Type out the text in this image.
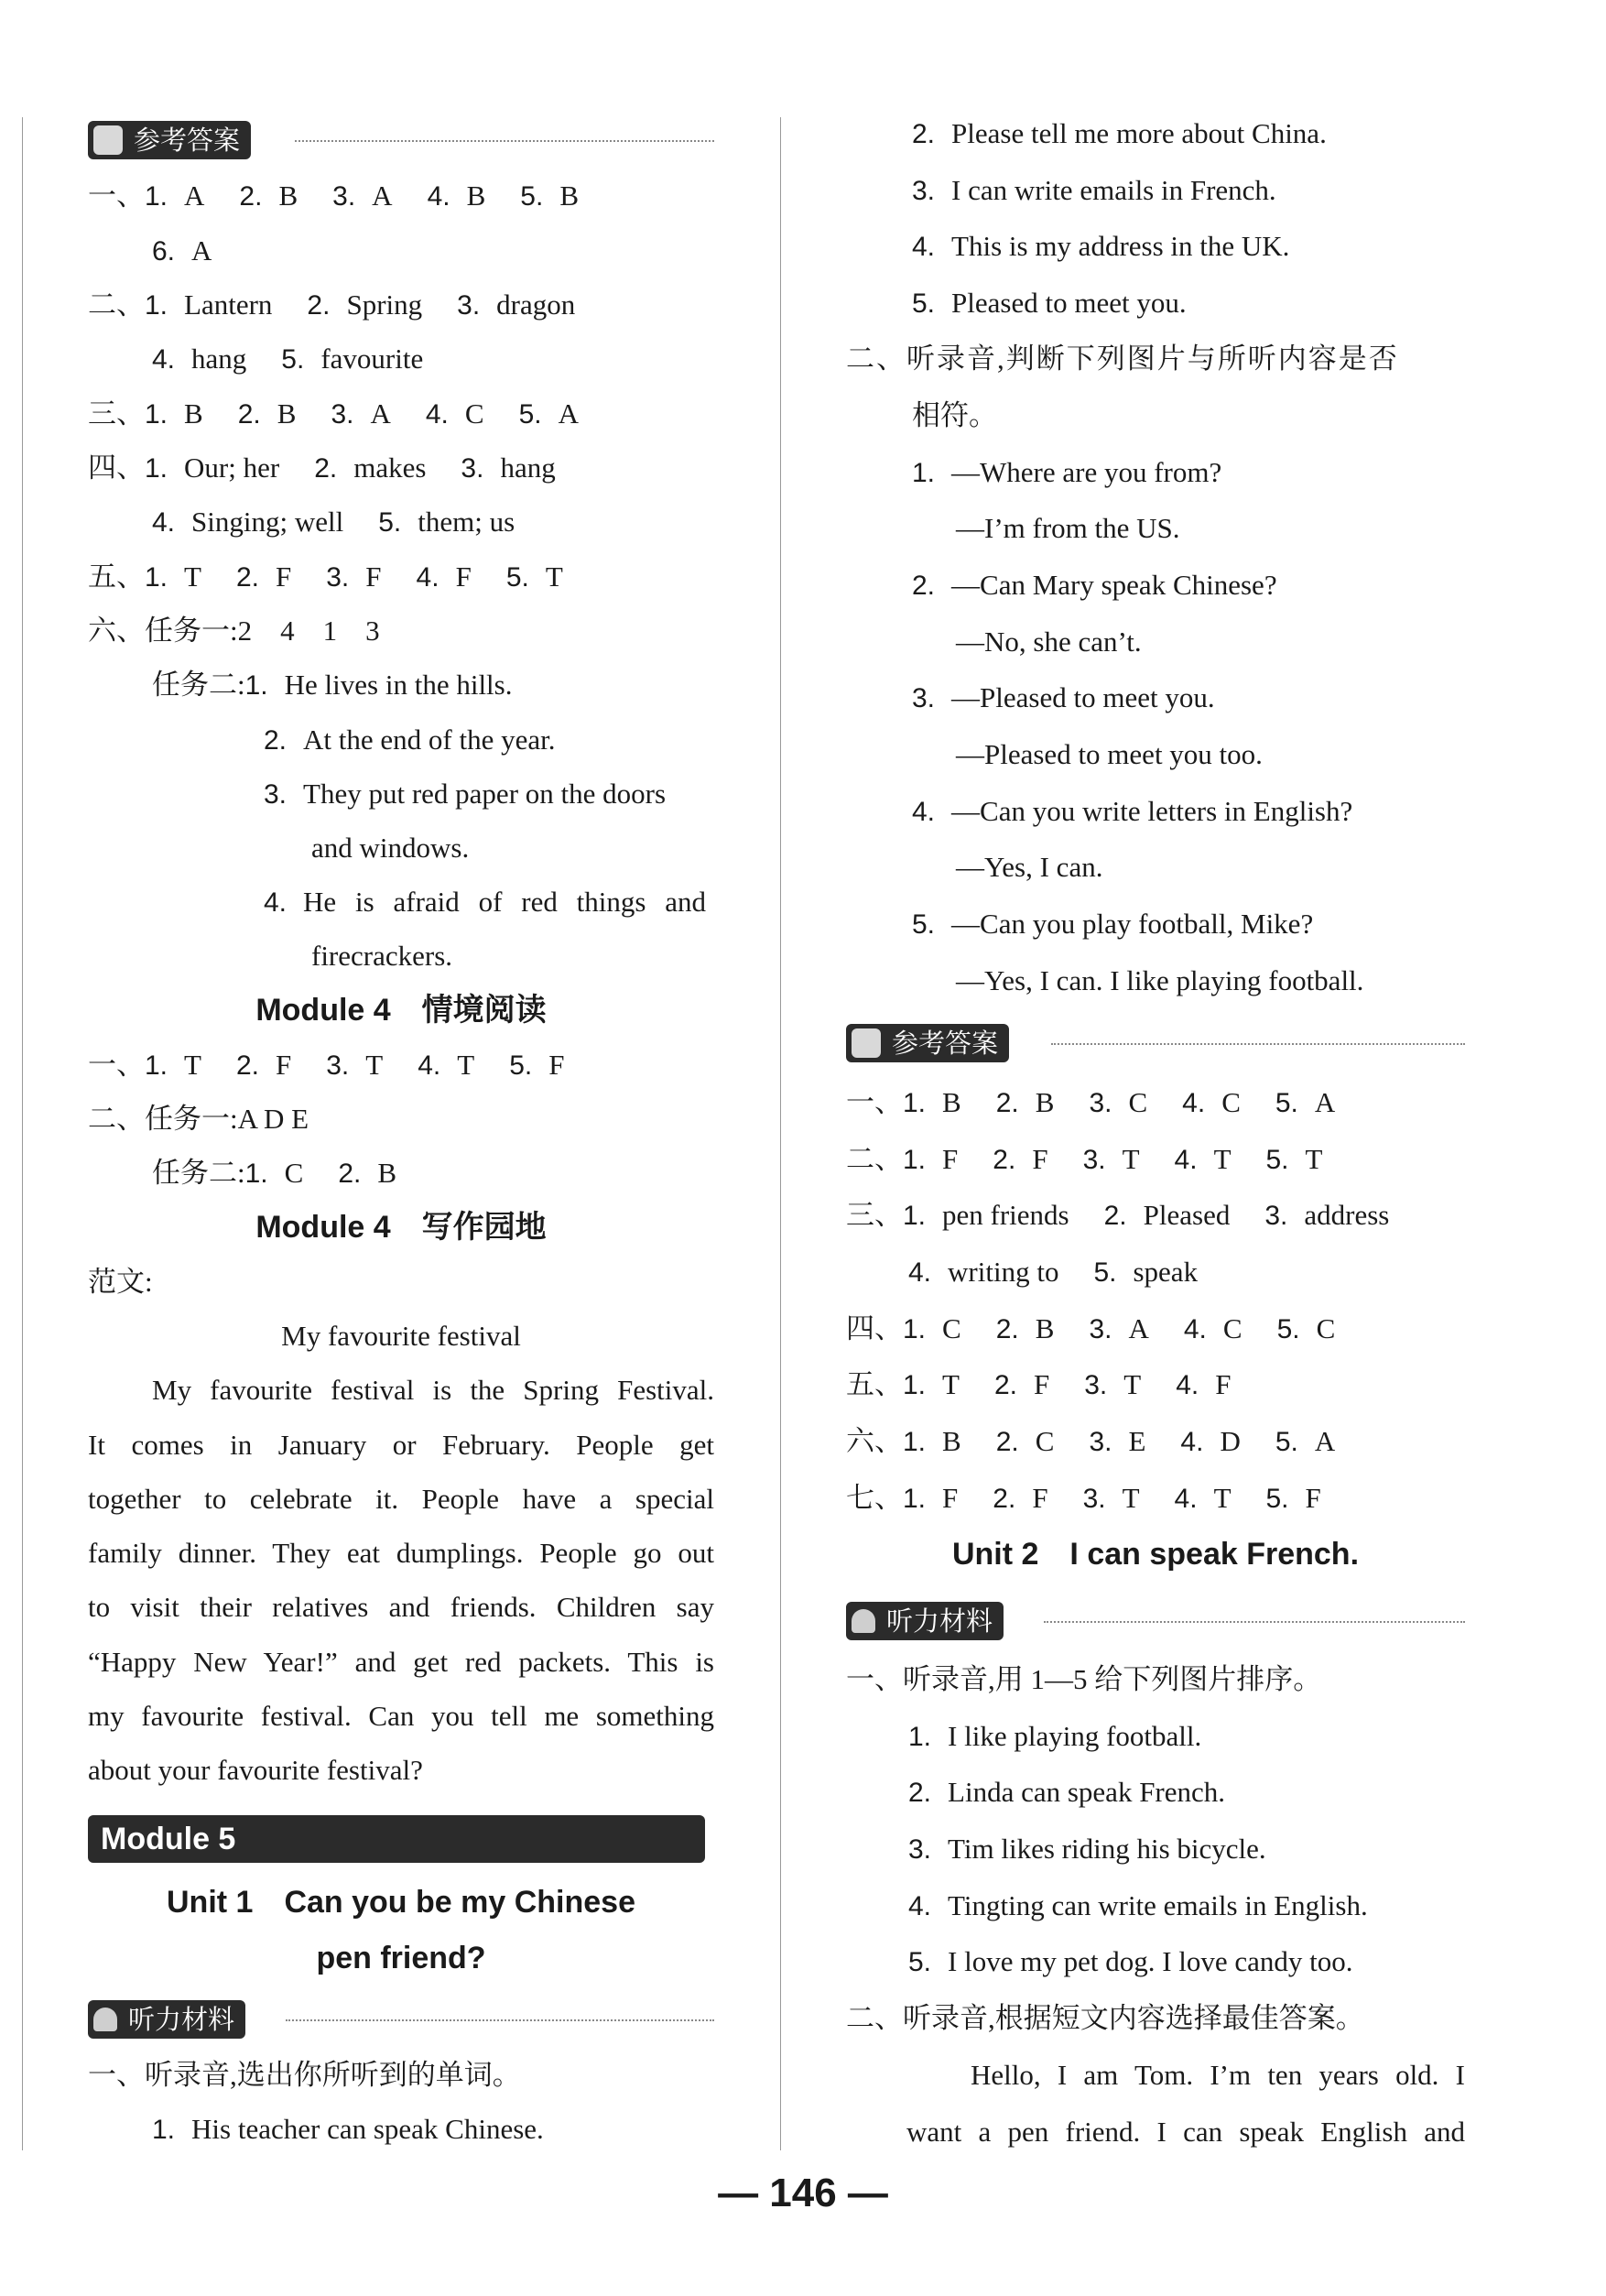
参考答案
一、1. A 2. B 3. A 4. B 5. B
6. A
二、1. Lantern 2. Spring 3. dragon
4. hang 5. favourite
三、1. B 2. B 3. A 4. C 5. A
四、1. Our; her 2. makes 3. hang
4. Singing; well 5. them; us
五、1. T 2. F 3. F 4. F 5. T
六、任务一:2　4　1　3
任务二:1. He lives in the hills.
2. At the end of the year.
3. They put red paper on the doors
and windows.
4. He is afraid of red things and
firecrackers.
Module 4　情境阅读
一、1. T 2. F 3. T 4. T 5. F
二、任务一:A D E
任务二:1. C 2. B
Module 4　写作园地
范文:
My favourite festival
My favourite festival is the Spring Festival.
It comes in January or February. People get
together to celebrate it. People have a special
family dinner. They eat dumplings. People go out
to visit their relatives and friends. Children say
“Happy New Year!” and get red packets. This is
my favourite festival. Can you tell me something
about your favourite festival?
Module 5
Unit 1　Can you be my Chinese
pen friend?
听力材料
一、听录音,选出你所听到的单词。
1. His teacher can speak Chinese.
2. Please tell me more about China.
3. I can write emails in French.
4. This is my address in the UK.
5. Pleased to meet you.
二、听录音,判断下列图片与所听内容是否
相符。
1. —Where are you from?
—I’m from the US.
2. —Can Mary speak Chinese?
—No, she can’t.
3. —Pleased to meet you.
—Pleased to meet you too.
4. —Can you write letters in English?
—Yes, I can.
5. —Can you play football, Mike?
—Yes, I can. I like playing football.
参考答案
一、1. B 2. B 3. C 4. C 5. A
二、1. F 2. F 3. T 4. T 5. T
三、1. pen friends 2. Pleased 3. address
4. writing to 5. speak
四、1. C 2. B 3. A 4. C 5. C
五、1. T 2. F 3. T 4. F
六、1. B 2. C 3. E 4. D 5. A
七、1. F 2. F 3. T 4. T 5. F
Unit 2　I can speak French.
听力材料
一、听录音,用 1—5 给下列图片排序。
1. I like playing football.
2. Linda can speak French.
3. Tim likes riding his bicycle.
4. Tingting can write emails in English.
5. I love my pet dog. I love candy too.
二、听录音,根据短文内容选择最佳答案。
Hello, I am Tom. I’m ten years old. I
want a pen friend. I can speak English and
— 146 —
